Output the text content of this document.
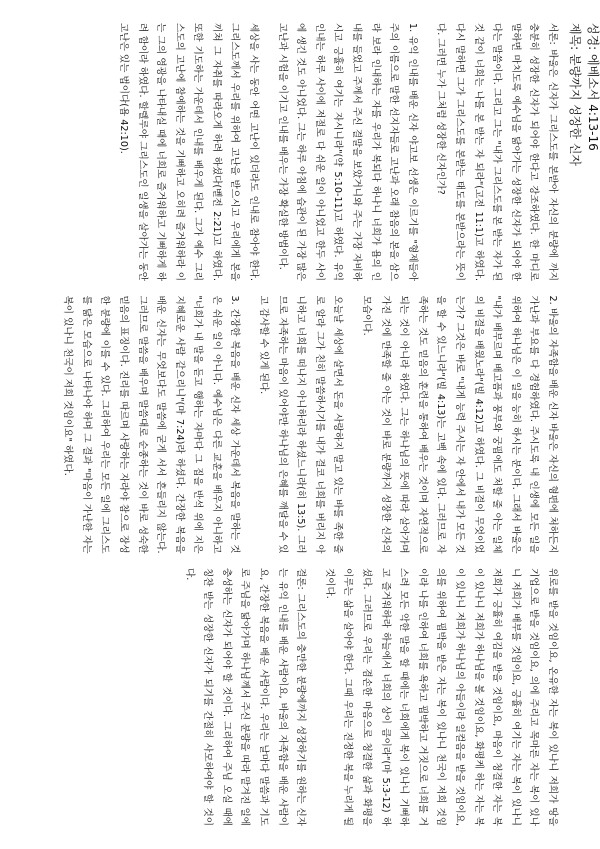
성경: 에베소서 4:13-16

제목: 분량까지 성장한 신자

서론: 바울은 신자가 그리스도를 본받아 자신의 분량에 까지 충분히 성장한 신자가 되어야 한다고 강조하였다. 한 마디로 말하면 마치도록 예수님을 닮아가는 성장한 신자가 되어야 한다는 말씀이다. 그리고 그는 "내가 그리스도를 본 받는 자가 된 것 같이 너희는 나를 본 받는 자 되라"(고전 11:1)고 하였다. 다시 말하면 그가 그리스도를 본받는 태도를 본받으라는 뜻이다. 그러면 누가 그처럼 성장한 신자인가?

1. 유익 인내를 배운 신자 야고보 선생은 이르기를 "형제들아 주의 이름으로 말한 선지자들로 고난과 오래 참음의 본을 삼으라 보라 인내하는 자를 우리가 복되다 하나니 너희가 욥의 인내를 들었고 주께서 주신 결말을 보았거니와 주는 가장 자비하시고 긍휼히 여기는 자시니라"(약 5:10-11)고 하였다. 유익 인내는 하루 사이에 저절로 다 쉬운 일이 아니었고 한두 사이에 생긴 것도 아니었다. 그는 하루 아침에 습관이 된 가장 많은 고난과 시험을 이기고 인내를 배우는 가장 확실한 방법이다.

세상을 사는 동안 어떤 고난이 있더라도 인내로 참아야 한다. 그리스도께서 우리를 위하여 고난을 받으시고 우리에게 본을 끼쳐 그 자취를 따라오게 하려 하셨다(벧전 2:21)고 하였다. 또한 기도하는 가운데서 인내를 배우게 된다. 그가 예수 그리스도의 고난에 참예하는 것을 기뻐하고 오히려 즐거워하라 이는 그의 영광을 나타내실 때에 너희로 즐거워하고 기뻐하게 하려 함이라 하였다. 할렐루야 그리스도인 일생을 살아가는 동안 고난은 있는 법이다(욥 42:10).

2. 바울의 자족함을 배운 신자 바울은 자신의 형편에 처하든지 가난과 부요를 다 경험하였다. 주시도록 내 인생에 모든 일을 위하여 하나님은 이 일을 능히 하시는 분이다. 그래서 바울은 "내가 배부르며 배고픔과 풍부와 궁핍에도 처할 줄 아는 일체의 비결을 배웠노라"(빌 4:12)고 하였다. 그 비결이 무엇이었는가? 그것은 바로 "내게 능력 주시는 자 안에서 내가 모든 것을 할 수 있느니라"(빌 4:13)는 고백 속에 있다. 그러므로 자족하는 것도 믿음의 훈련을 통하여 배우는 것이며 자연적으로 되는 것이 아니라 하였다. 그는 하나님의 뜻에 따라 살아가며 가진 것에 만족할 줄 아는 것이 바로 분량까지 성장한 신자의 모습이다.

오늘날 세상에 살면서 돈을 사랑하지 말고 있는 바를 족한 줄로 알라 그가 친히 말씀하시기를 내가 결코 너희를 버리지 아니하고 너희를 떠나지 아니하리라 하셨느니라(히 13:5). 그러므로 자족하는 마음이 있어야만 하나님의 은혜를 깨달을 수 있고 감사할 수 있게 된다.

3. 간장한 복음을 배운 신자 세상 가운데서 복음을 말하는 것은 쉬운 일이 아니다. 예수님은 다른 교훈을 배우지 아니하고 "너희가 내 말을 듣고 행하는 자마다 그 집을 반석 위에 지은 지혜로운 사람 같으리니"(마 7:24)라 하셨다. 간장한 복음을 배운 신자는 무엇보다도 말씀에 굳게 서서 흔들리지 않는다. 그러므로 말씀을 배우며 말씀대로 순종하는 것이 바로 성숙한 믿음의 표징이다. 진리를 따르며 사랑하는 자라야 참으로 장성한 분량에 이를 수 있다. 그리하여 우리는 모든 일에 그리스도를 닮은 모습으로 나타나야 하며 그 결과 "마음이 가난한 자는 복이 있나니 천국이 저희 것임이요" 하였다.

위로를 받을 것임이요, 온유한 자는 복이 있나니 저희가 땅을 기업으로 받을 것임이요, 의에 주리고 목마른 자는 복이 있나니 저희가 배부를 것임이요, 긍휼히 여기는 자는 복이 있나니 저희가 긍휼히 여김을 받을 것임이요, 마음이 청결한 자는 복이 있나니 저희가 하나님을 볼 것임이요, 화평케 하는 자는 복이 있나니 저희가 하나님의 아들이라 일컬음을 받을 것임이요, 의를 위하여 핍박을 받은 자는 복이 있나니 천국이 저희 것임이라 나를 인하여 너희를 욕하고 핍박하고 거짓으로 너희를 거스려 모든 악한 말을 할 때에는 너희에게 복이 있나니 기뻐하고 즐거워하라 하늘에서 너희의 상이 큼이라"(마 5:3-12) 하셨다. 그러므로 우리는 겸손한 마음으로 청결한 삶과 화평을 이루는 삶을 살아야 한다. 그때 우리는 진정한 복을 누리게 될 것이다.

결론: 그리스도의 충만한 분량에까지 성장하기를 원하는 신자는 유익 인내를 배운 사람이요, 바울의 자족함을 배운 사람이요, 간장한 복음을 배운 사람이다. 우리는 날마다 말씀과 기도로 주님을 닮아가며 하나님께서 주신 분량을 따라 맡겨진 일에 충성하는 신자가 되어야 할 것이다. 그리하여 주님 오실 때에 칭찬 받는 성장한 신자가 되기를 간절히 사모하여야 할 것이다.
